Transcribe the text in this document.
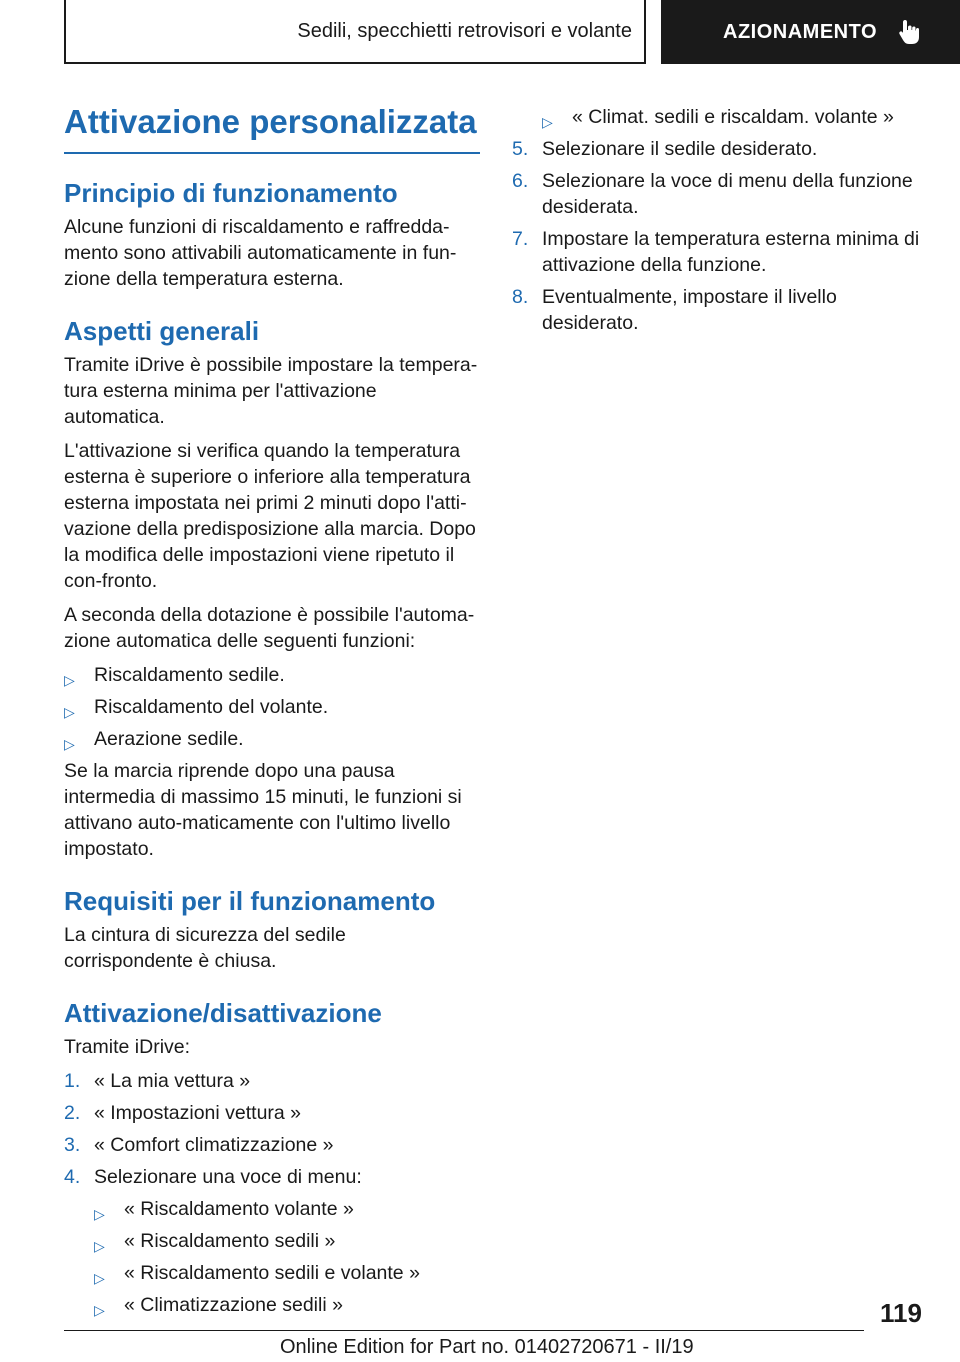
Sedili, specchietti retrovisori e volante	AZIONAMENTO
Attivazione personalizzata
Principio di funzionamento

Alcune funzioni di riscaldamento e raffredda-mento sono attivabili automaticamente in fun-zione della temperatura esterna.

Aspetti generali

Tramite iDrive è possibile impostare la tempera-tura esterna minima per l'attivazione automatica.

L'attivazione si verifica quando la temperatura esterna è superiore o inferiore alla temperatura esterna impostata nei primi 2 minuti dopo l'atti-vazione della predisposizione alla marcia. Dopo la modifica delle impostazioni viene ripetuto il con-fronto.

A seconda della dotazione è possibile l'automa-zione automatica delle seguenti funzioni:

▷ Riscaldamento sedile.
▷ Riscaldamento del volante.
▷ Aerazione sedile.

Se la marcia riprende dopo una pausa intermedia di massimo 15 minuti, le funzioni si attivano auto-maticamente con l'ultimo livello impostato.

Requisiti per il funzionamento

La cintura di sicurezza del sedile corrispondente è chiusa.

Attivazione/disattivazione

Tramite iDrive:

1. « La mia vettura »
2. « Impostazioni vettura »
3. « Comfort climatizzazione »
4. Selezionare una voce di menu:
▷ « Riscaldamento volante »
▷ « Riscaldamento sedili »
▷ « Riscaldamento sedili e volante »
▷ « Climatizzazione sedili »
▷ « Climat. sedili e riscaldam. volante »
5. Selezionare il sedile desiderato.
6. Selezionare la voce di menu della funzione desiderata.
7. Impostare la temperatura esterna minima di attivazione della funzione.
8. Eventualmente, impostare il livello desiderato.
119
Online Edition for Part no. 01402720671 - II/19
